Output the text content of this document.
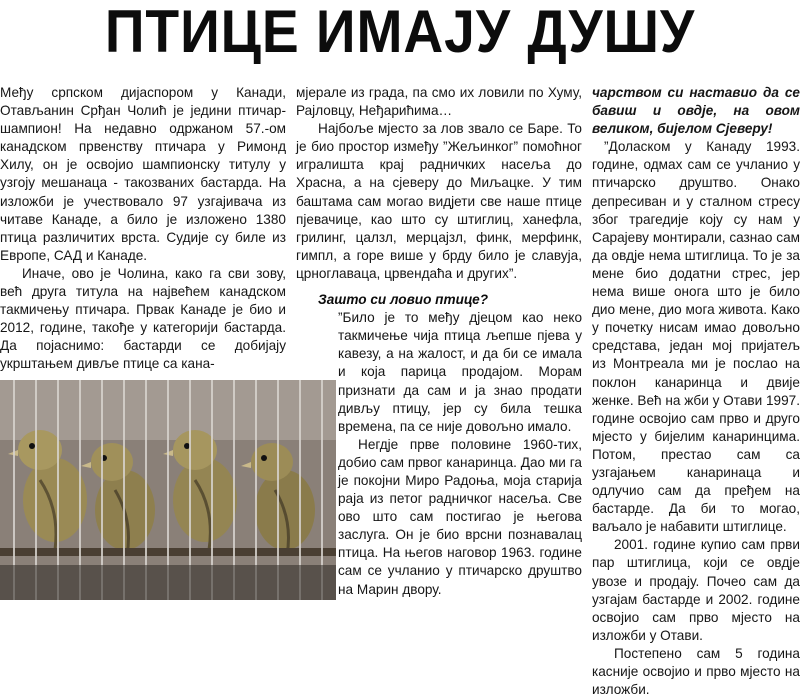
ПТИЦЕ ИМАЈУ ДУШУ

Међу српском дијаспором у Канади, Отављанин Срђан Чолић је једини птичар-шампион! На недавно одржаном 57.-ом канадском првенству птичара у Римонд Хилу, он је освојио шампионску титулу у узгоју мешанаца - такозваних бастарда. На изложби је учествовало 97 узгајивача из читаве Канаде, а било је изложено 1380 птица различитих врста. Судије су биле из Европе, САД и Канаде.

Иначе, ово је Чолина, како га сви зову, већ друга титула на највећем канадском такмичењу птичара. Првак Канаде је био и 2012, године, такође у категорији бастарда. Да појаснимо: бастарди се добијају укрштањем дивље птице са кана-

мјерале из града, па смо их ловили по Хуму, Рајловцу, Неђарићима…

Најбоље мјесто за лов звало се Баре. То је био простор између ”Жељинког” помоћног игралишта крај радничких насеља до Храсна, а на сјеверу до Миљацке. У тим баштама сам могао видјети све наше птице пјевачице, као што су штиглиц, ханефла, грилинг, цалзл, мерцајзл, финк, мерфинк, гимпл, а горе више у брду било је славуја, црноглаваца, црвендаћа и других”.

Зашто си ловио птице?

”Било је то међу дјецом као неко такмичење чија птица љепше пјева у кавезу, а на жалост, и да би се имала и која парица продајом. Морам признати да сам и ја знао продати дивљу птицу, јер су била тешка времена, па се није довољно имало.

Негдје прве половине 1960-тих, добио сам првог канаринца. Дао ми га је покојни Миро Радоња, моја старија раја из петог радничког насеља. Све ово што сам постигао је његова заслуга. Он је био врсни познавалац птица. На његов наговор 1963. године сам се учланио у птичарско друштво на Марин двору.

чарством си наставио да се бавиш и овдје, на овом великом, бијелом Сјеверу!

”Доласком у Канаду 1993. године, одмах сам се учланио у птичарско друштво. Онако депресиван и у сталном стресу због трагедије коју су нам у Сарајеву монтирали, сазнао сам да овдје нема штиглица. То је за мене био додатни стрес, јер нема више онога што је било дио мене, дио мога живота. Како у почетку нисам имао довољно средстава, један мој пријатељ из Монтреала ми је послао на поклон канаринца и двије женке. Већ на жби у Отави 1997. године освојио сам прво и друго мјесто у бијелим канаринцима. Потом, престао сам са узгајањем канаринаца и одлучио сам да пређем на бастарде. Да би то могао, ваљало је набавити штиглице.

2001. године купио сам први пар штиглица, који се овдје увозе и продају. Почео сам да узгајам бастарде и 2002. године освојио сам прво мјесто на изложби у Отави.

Постепено сам 5 година касније освојио и прво мјесто на изложби.
